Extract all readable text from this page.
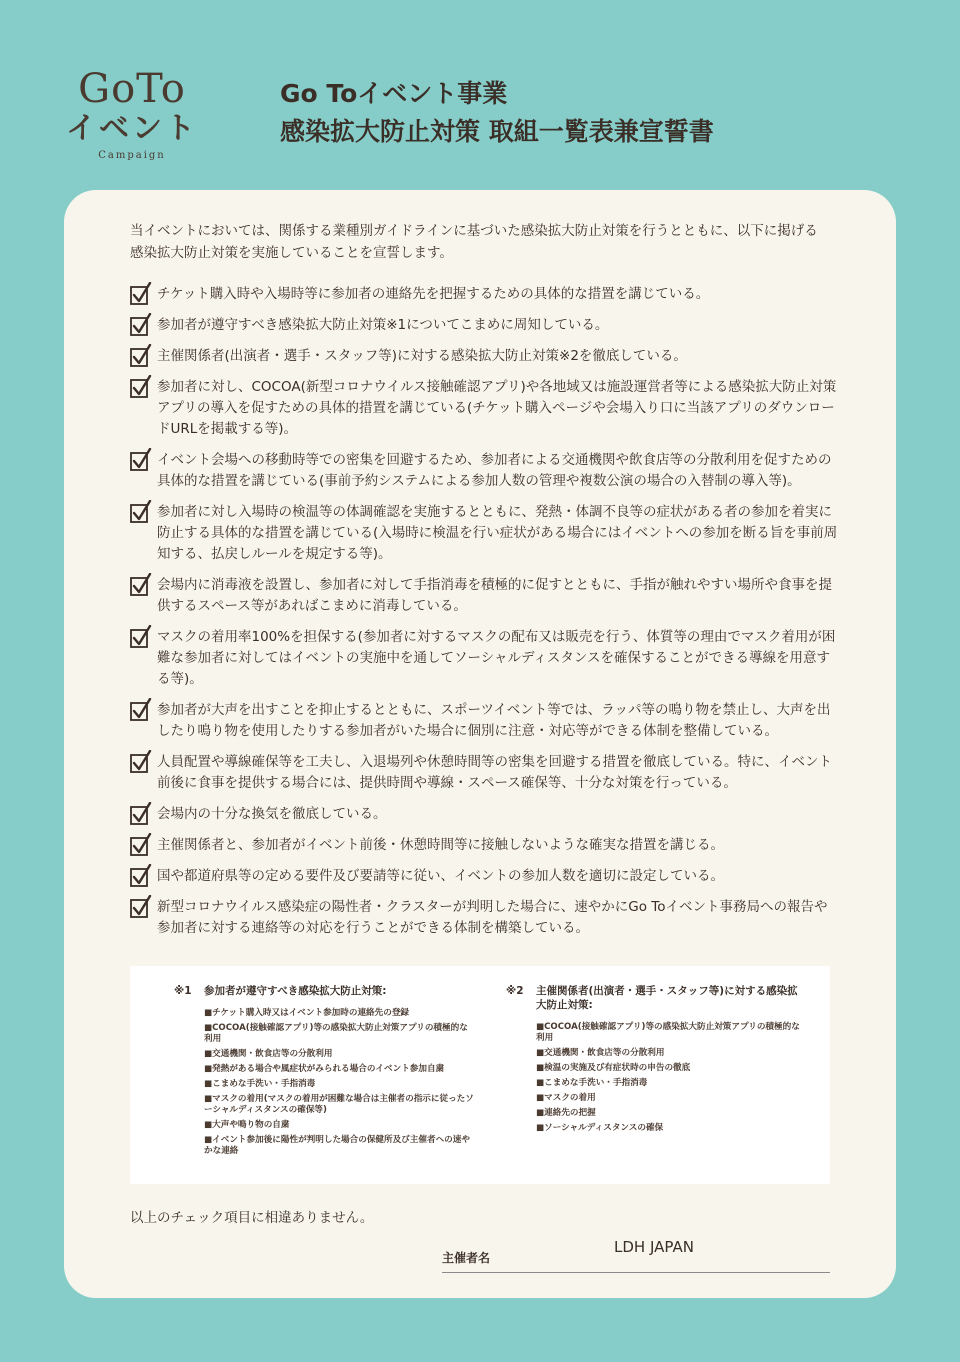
GoTo
イベント
Campaign
Go Toイベント事業
感染拡大防止対策 取組一覧表兼宣誓書

当イベントにおいては、関係する業種別ガイドラインに基づいた感染拡大防止対策を行うとともに、以下に掲げる感染拡大防止対策を実施していることを宣誓します。

チケット購入時や入場時等に参加者の連絡先を把握するための具体的な措置を講じている。
参加者が遵守すべき感染拡大防止対策※1についてこまめに周知している。
主催関係者(出演者・選手・スタッフ等)に対する感染拡大防止対策※2を徹底している。
参加者に対し、COCOA(新型コロナウイルス接触確認アプリ)や各地域又は施設運営者等による感染拡大防止対策アプリの導入を促すための具体的措置を講じている(チケット購入ページや会場入り口に当該アプリのダウンロードURLを掲載する等)。
イベント会場への移動時等での密集を回避するため、参加者による交通機関や飲食店等の分散利用を促すための具体的な措置を講じている(事前予約システムによる参加人数の管理や複数公演の場合の入替制の導入等)。
参加者に対し入場時の検温等の体調確認を実施するとともに、発熱・体調不良等の症状がある者の参加を着実に防止する具体的な措置を講じている(入場時に検温を行い症状がある場合にはイベントへの参加を断る旨を事前周知する、払戻しルールを規定する等)。
会場内に消毒液を設置し、参加者に対して手指消毒を積極的に促すとともに、手指が触れやすい場所や食事を提供するスペース等があればこまめに消毒している。
マスクの着用率100%を担保する(参加者に対するマスクの配布又は販売を行う、体質等の理由でマスク着用が困難な参加者に対してはイベントの実施中を通してソーシャルディスタンスを確保することができる導線を用意する等)。
参加者が大声を出すことを抑止するとともに、スポーツイベント等では、ラッパ等の鳴り物を禁止し、大声を出したり鳴り物を使用したりする参加者がいた場合に個別に注意・対応等ができる体制を整備している。
人員配置や導線確保等を工夫し、入退場列や休憩時間等の密集を回避する措置を徹底している。特に、イベント前後に食事を提供する場合には、提供時間や導線・スペース確保等、十分な対策を行っている。
会場内の十分な換気を徹底している。
主催関係者と、参加者がイベント前後・休憩時間等に接触しないような確実な措置を講じる。
国や都道府県等の定める要件及び要請等に従い、イベントの参加人数を適切に設定している。
新型コロナウイルス感染症の陽性者・クラスターが判明した場合に、速やかにGo Toイベント事務局への報告や参加者に対する連絡等の対応を行うことができる体制を構築している。
※1	参加者が遵守すべき感染拡大防止対策:
■ チケット購入時又はイベント参加時の連絡先の登録
■ COCOA(接触確認アプリ)等の感染拡大防止対策アプリの積極的な利用
■ 交通機関・飲食店等の分散利用
■ 発熱がある場合や風症状がみられる場合のイベント参加自粛
■ こまめな手洗い・手指消毒
■ マスクの着用(マスクの着用が困難な場合は主催者の指示に従ったソーシャルディスタンスの確保等)
■ 大声や鳴り物の自粛
■ イベント参加後に陽性が判明した場合の保健所及び主催者への速やかな連絡
※2	主催関係者(出演者・選手・スタッフ等)に対する感染拡大防止対策:
■ COCOA(接触確認アプリ)等の感染拡大防止対策アプリの積極的な利用
■ 交通機関・飲食店等の分散利用
■ 検温の実施及び有症状時の申告の徹底
■ こまめな手洗い・手指消毒
■ マスクの着用
■ 連絡先の把握
■ ソーシャルディスタンスの確保

以上のチェック項目に相違ありません。

主催者名
LDH JAPAN
